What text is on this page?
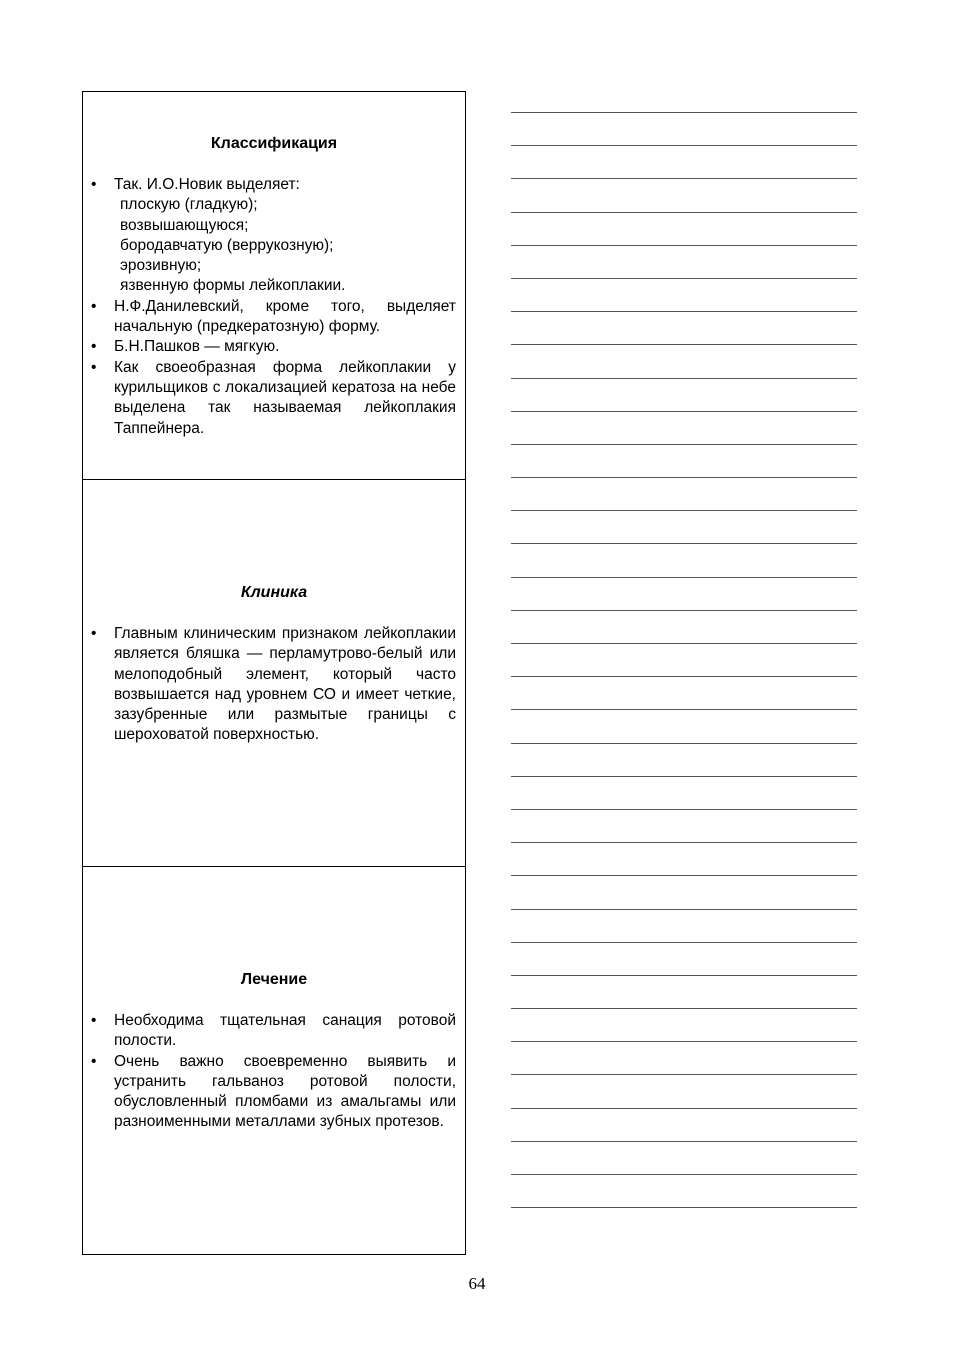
Классификация
• Так. И.О.Новик выделяет:
плоскую (гладкую);
возвышающуюся;
бородавчатую (веррукозную);
эрозивную;
язвенную формы лейкоплакии.
• Н.Ф.Данилевский, кроме того, выделяет начальную (предкератозную) форму.
• Б.Н.Пашков — мягкую.
• Как своеобразная форма лейкоплакии у курильщиков с локализацией кератоза на небе выделена так называемая лейкоплакия Таппейнера.
Клиника
• Главным клиническим признаком лейкоплакии является бляшка — перламутрово-белый или мелоподобный элемент, который часто возвышается над уровнем СО и имеет четкие, зазубренные или размытые границы с шероховатой поверхностью.
Лечение
• Необходима тщательная санация ротовой полости.
• Очень важно своевременно выявить и устранить гальваноз ротовой полости, обусловленный пломбами из амальгамы или разноименными металлами зубных протезов.
64
